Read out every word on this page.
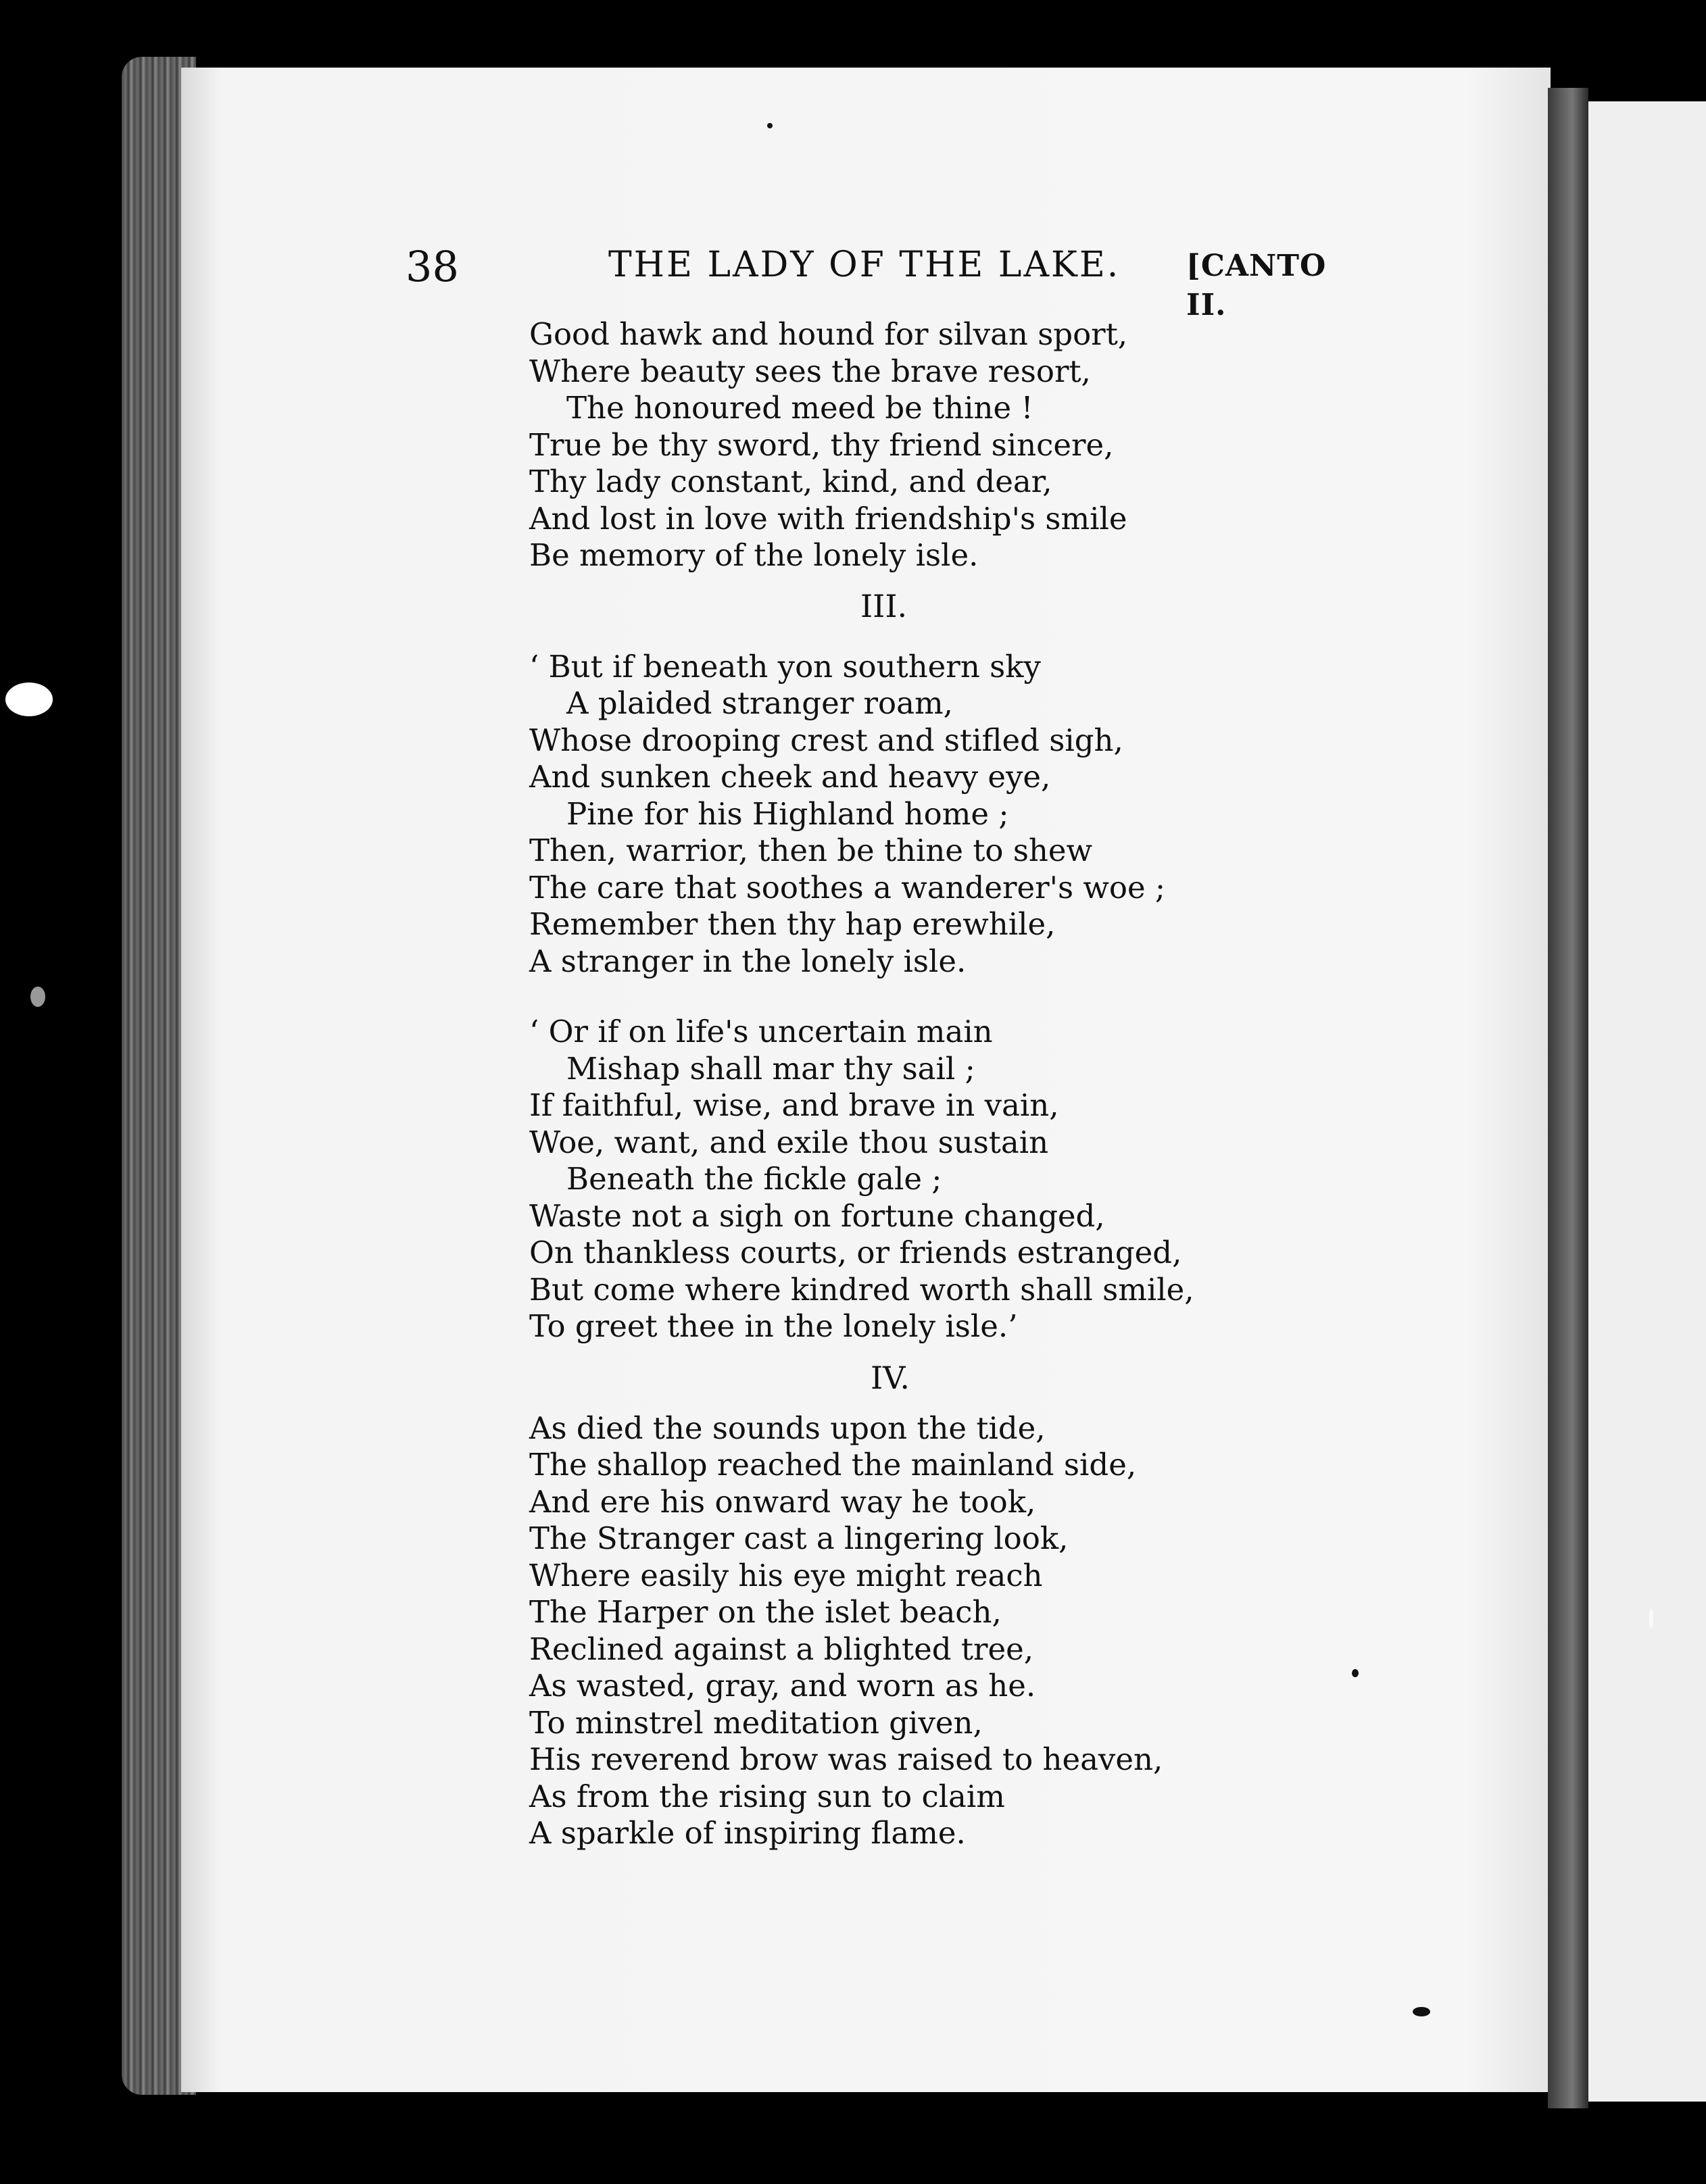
38	THE LADY OF THE LAKE. [CANTO II.
Good hawk and hound for silvan sport,
Where beauty sees the brave resort,
The honoured meed be thine !
True be thy sword, thy friend sincere,
Thy lady constant, kind, and dear,
And lost in love with friendship's smile
Be memory of the lonely isle.
III.
‘ But if beneath yon southern sky
A plaided stranger roam,
Whose drooping crest and stifled sigh,
And sunken cheek and heavy eye,
Pine for his Highland home ;
Then, warrior, then be thine to shew
The care that soothes a wanderer's woe ;
Remember then thy hap erewhile,
A stranger in the lonely isle.
‘ Or if on life's uncertain main
Mishap shall mar thy sail ;
If faithful, wise, and brave in vain,
Woe, want, and exile thou sustain
Beneath the fickle gale ;
Waste not a sigh on fortune changed,
On thankless courts, or friends estranged,
But come where kindred worth shall smile,
To greet thee in the lonely isle.’
IV.
As died the sounds upon the tide,
The shallop reached the mainland side,
And ere his onward way he took,
The Stranger cast a lingering look,
Where easily his eye might reach
The Harper on the islet beach,
Reclined against a blighted tree,
As wasted, gray, and worn as he.
To minstrel meditation given,
His reverend brow was raised to heaven,
As from the rising sun to claim
A sparkle of inspiring flame.
